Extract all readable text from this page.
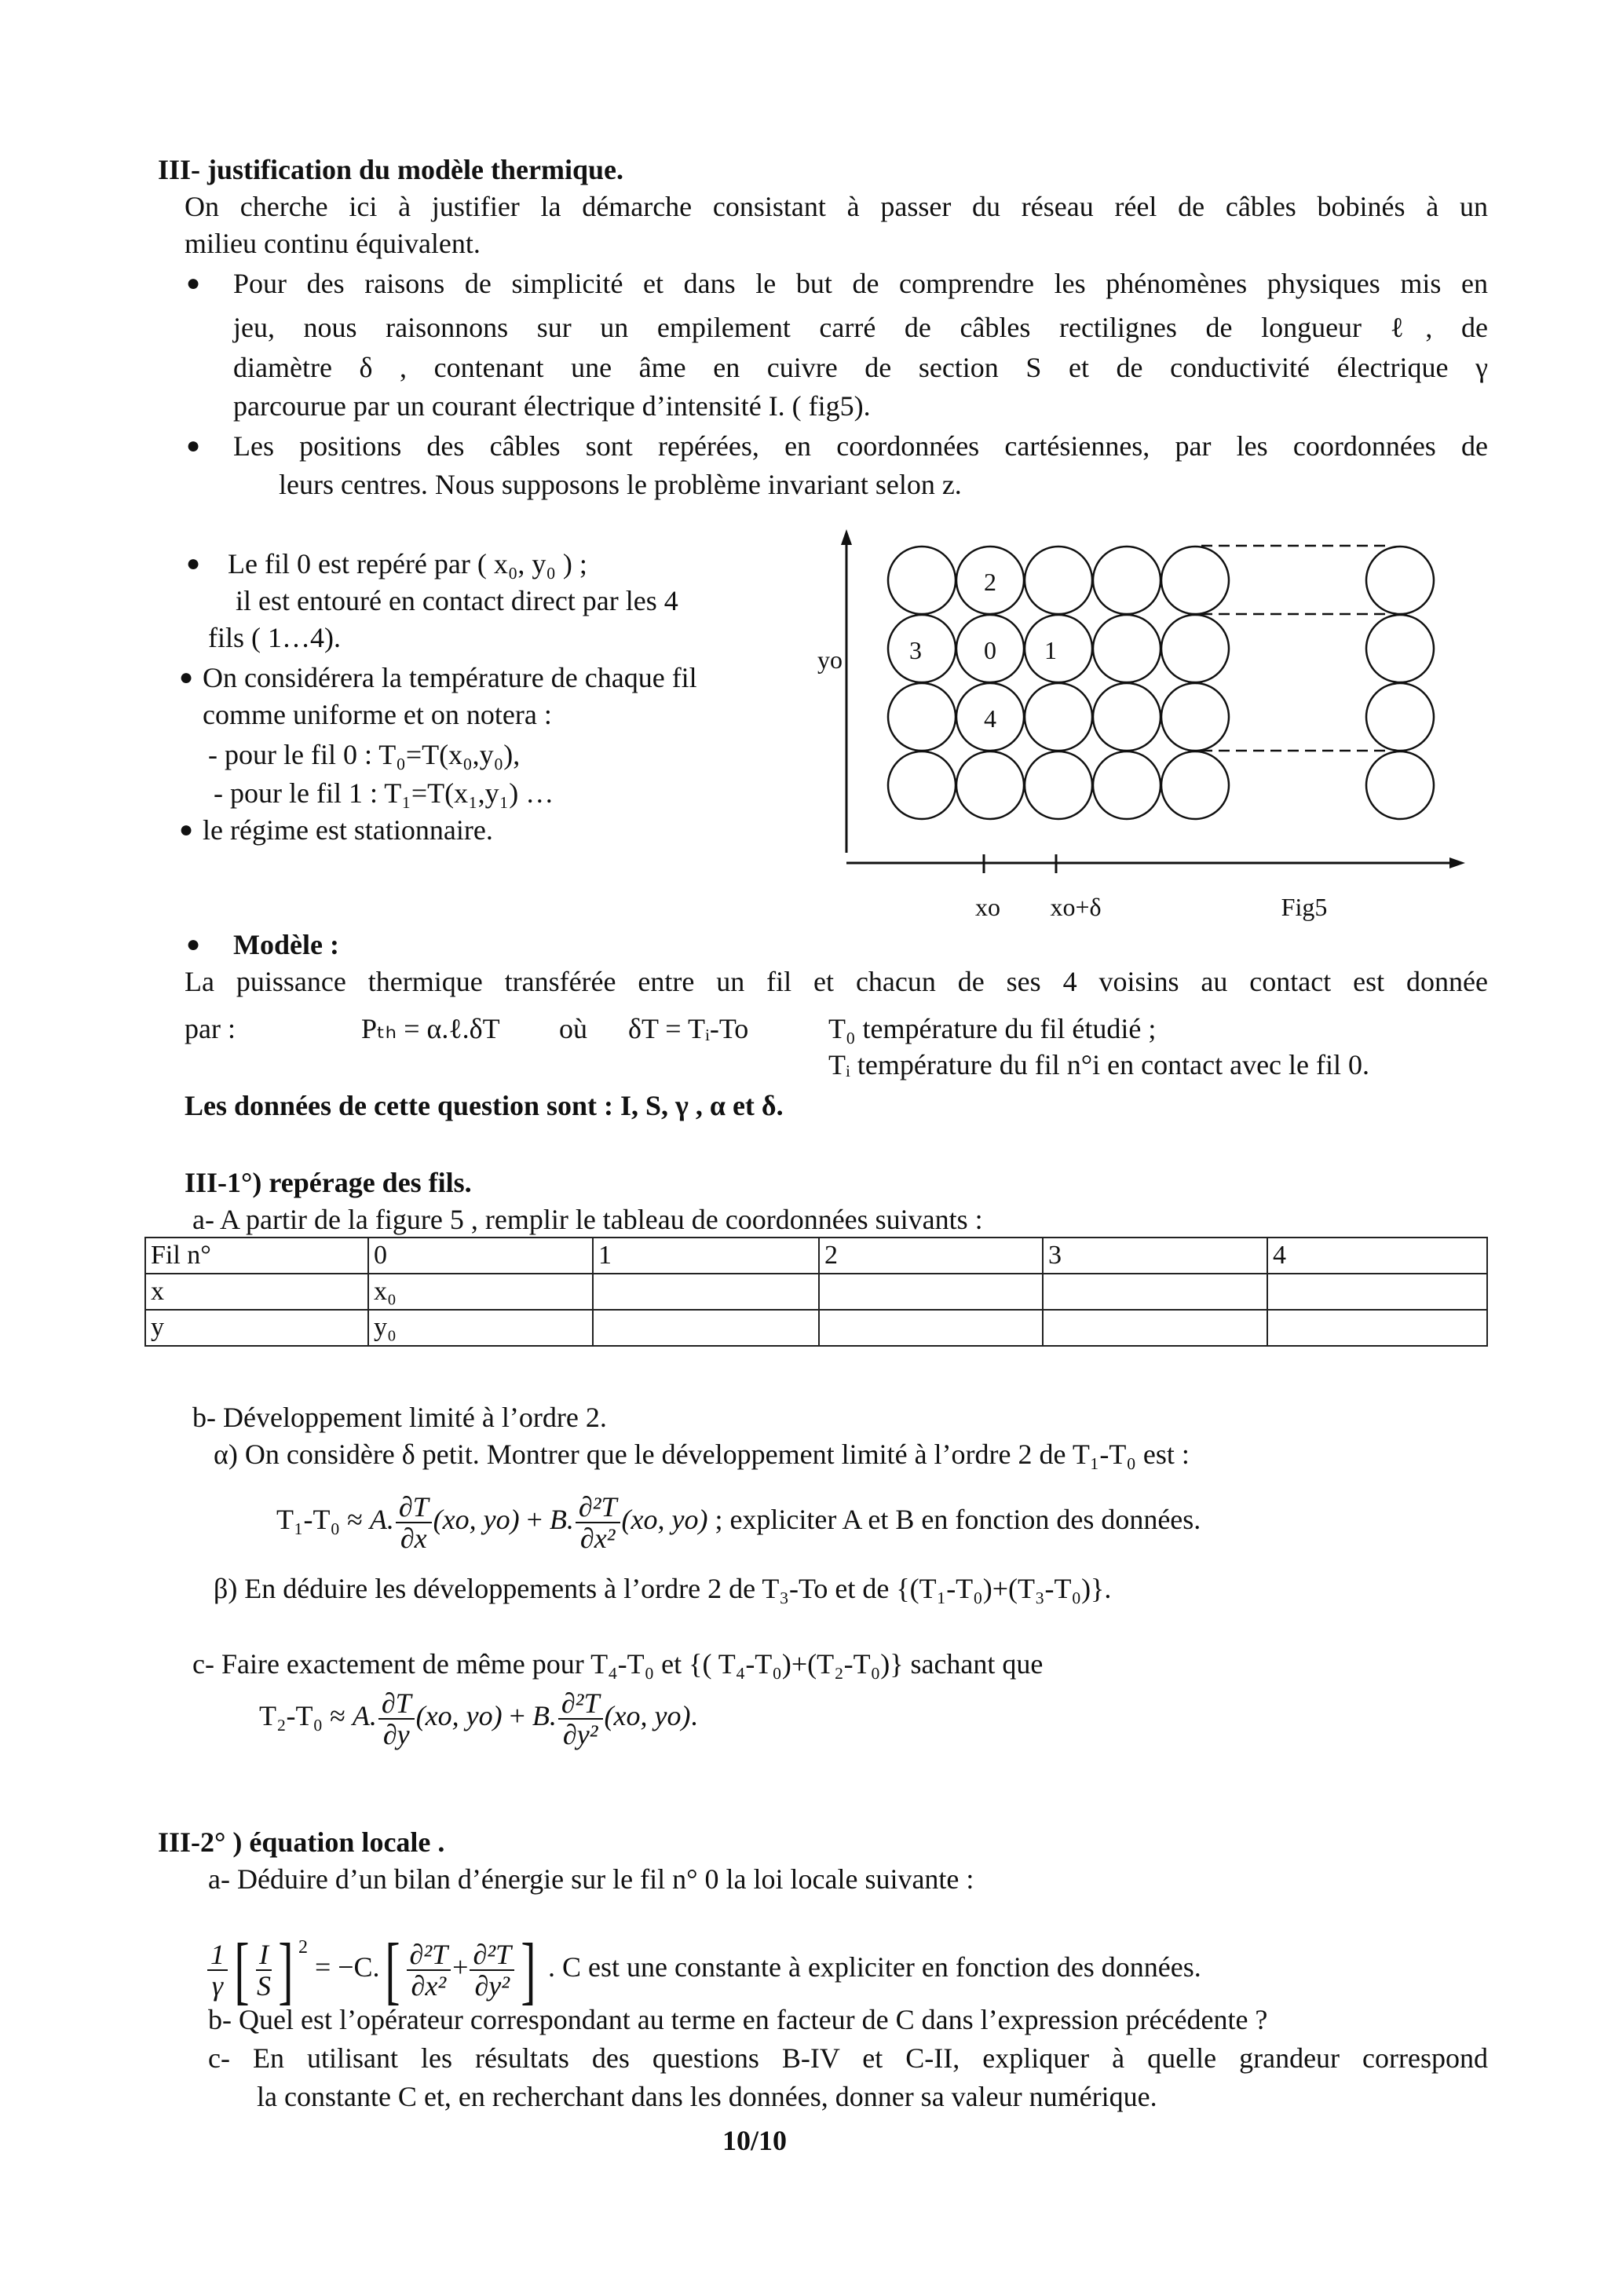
III- justification du modèle thermique.
On cherche ici à justifier la démarche consistant à passer du réseau réel de câbles bobinés à un
milieu continu équivalent.
● Pour des raisons de simplicité et dans le but de comprendre les phénomènes physiques mis en
jeu, nous raisonnons sur un empilement carré de câbles rectilignes de longueur ℓ, de
diamètre δ , contenant une âme en cuivre de section S et de conductivité électrique γ
parcourue par un courant électrique d’intensité I. ( fig5).
● Les positions des câbles sont repérées, en coordonnées cartésiennes, par les coordonnées de
leurs centres. Nous supposons le problème invariant selon z.
● Le fil 0 est repéré par ( x₀, y₀ ) ;
il est entouré en contact direct par les 4
fils ( 1…4).
● On considérera la température de chaque fil
comme uniforme et on notera :
- pour le fil 0 : T₀=T(x₀,y₀),
- pour le fil 1 : T₁=T(x₁,y₁) …
● le régime est stationnaire.
2
3 0 1
4
yo
xo xo+δ	Fig5
● Modèle :
La puissance thermique transférée entre un fil et chacun de ses 4 voisins au contact est donnée
par :	Pₜₕ = α.ℓ.δT où δT = Tᵢ-To	T₀ température du fil étudié ;
Tᵢ température du fil n°i en contact avec le fil 0.
Les données de cette question sont : I, S, γ , α et δ.
III-1°) repérage des fils.
a- A partir de la figure 5 , remplir le tableau de coordonnées suivants :
Fil n°	0	1	2	3	4
x	x₀				
y	y₀				
b- Développement limité à l’ordre 2.
α) On considère δ petit. Montrer que le développement limité à l’ordre 2 de T₁-T₀ est :
T₁-T₀ ≈ A. $\frac{\partial T}{\partial x} (xo$, yo) + B. $\frac{\text{∂²T}}{\text{∂x²}} (xo$, yo) ; expliciter A et B en fonction des données.
β) En déduire les développements à l’ordre 2 de T₃-To et de {(T₁-T₀)+(T₃-T₀)}.
c- Faire exactement de même pour T₄-T₀ et {( T₄-T₀)+(T₂-T₀)} sachant que
T₂-T₀ ≈ A. $\frac{\partial T}{\partial y} (xo$, yo) + B. $\frac{\text{∂²T}}{\text{∂y²}} (xo$, yo).
III-2° ) équation locale .
a- Déduire d’un bilan d’énergie sur le fil n° 0 la loi locale suivante :
$\frac{1}{\gamma}$ [ $\frac{I}{S}$ ] $^2 = -C.[ \frac{\text{∂²T}}{\text{∂x²}} + \frac{\text{∂²T}}{\text{∂y²}}$ ] . C est une constante à expliciter en fonction des données.
b- Quel est l’opérateur correspondant au terme en facteur de C dans l’expression précédente ?
c- En utilisant les résultats des questions B-IV et C-II, expliquer à quelle grandeur correspond
la constante C et, en recherchant dans les données, donner sa valeur numérique.
10/10
